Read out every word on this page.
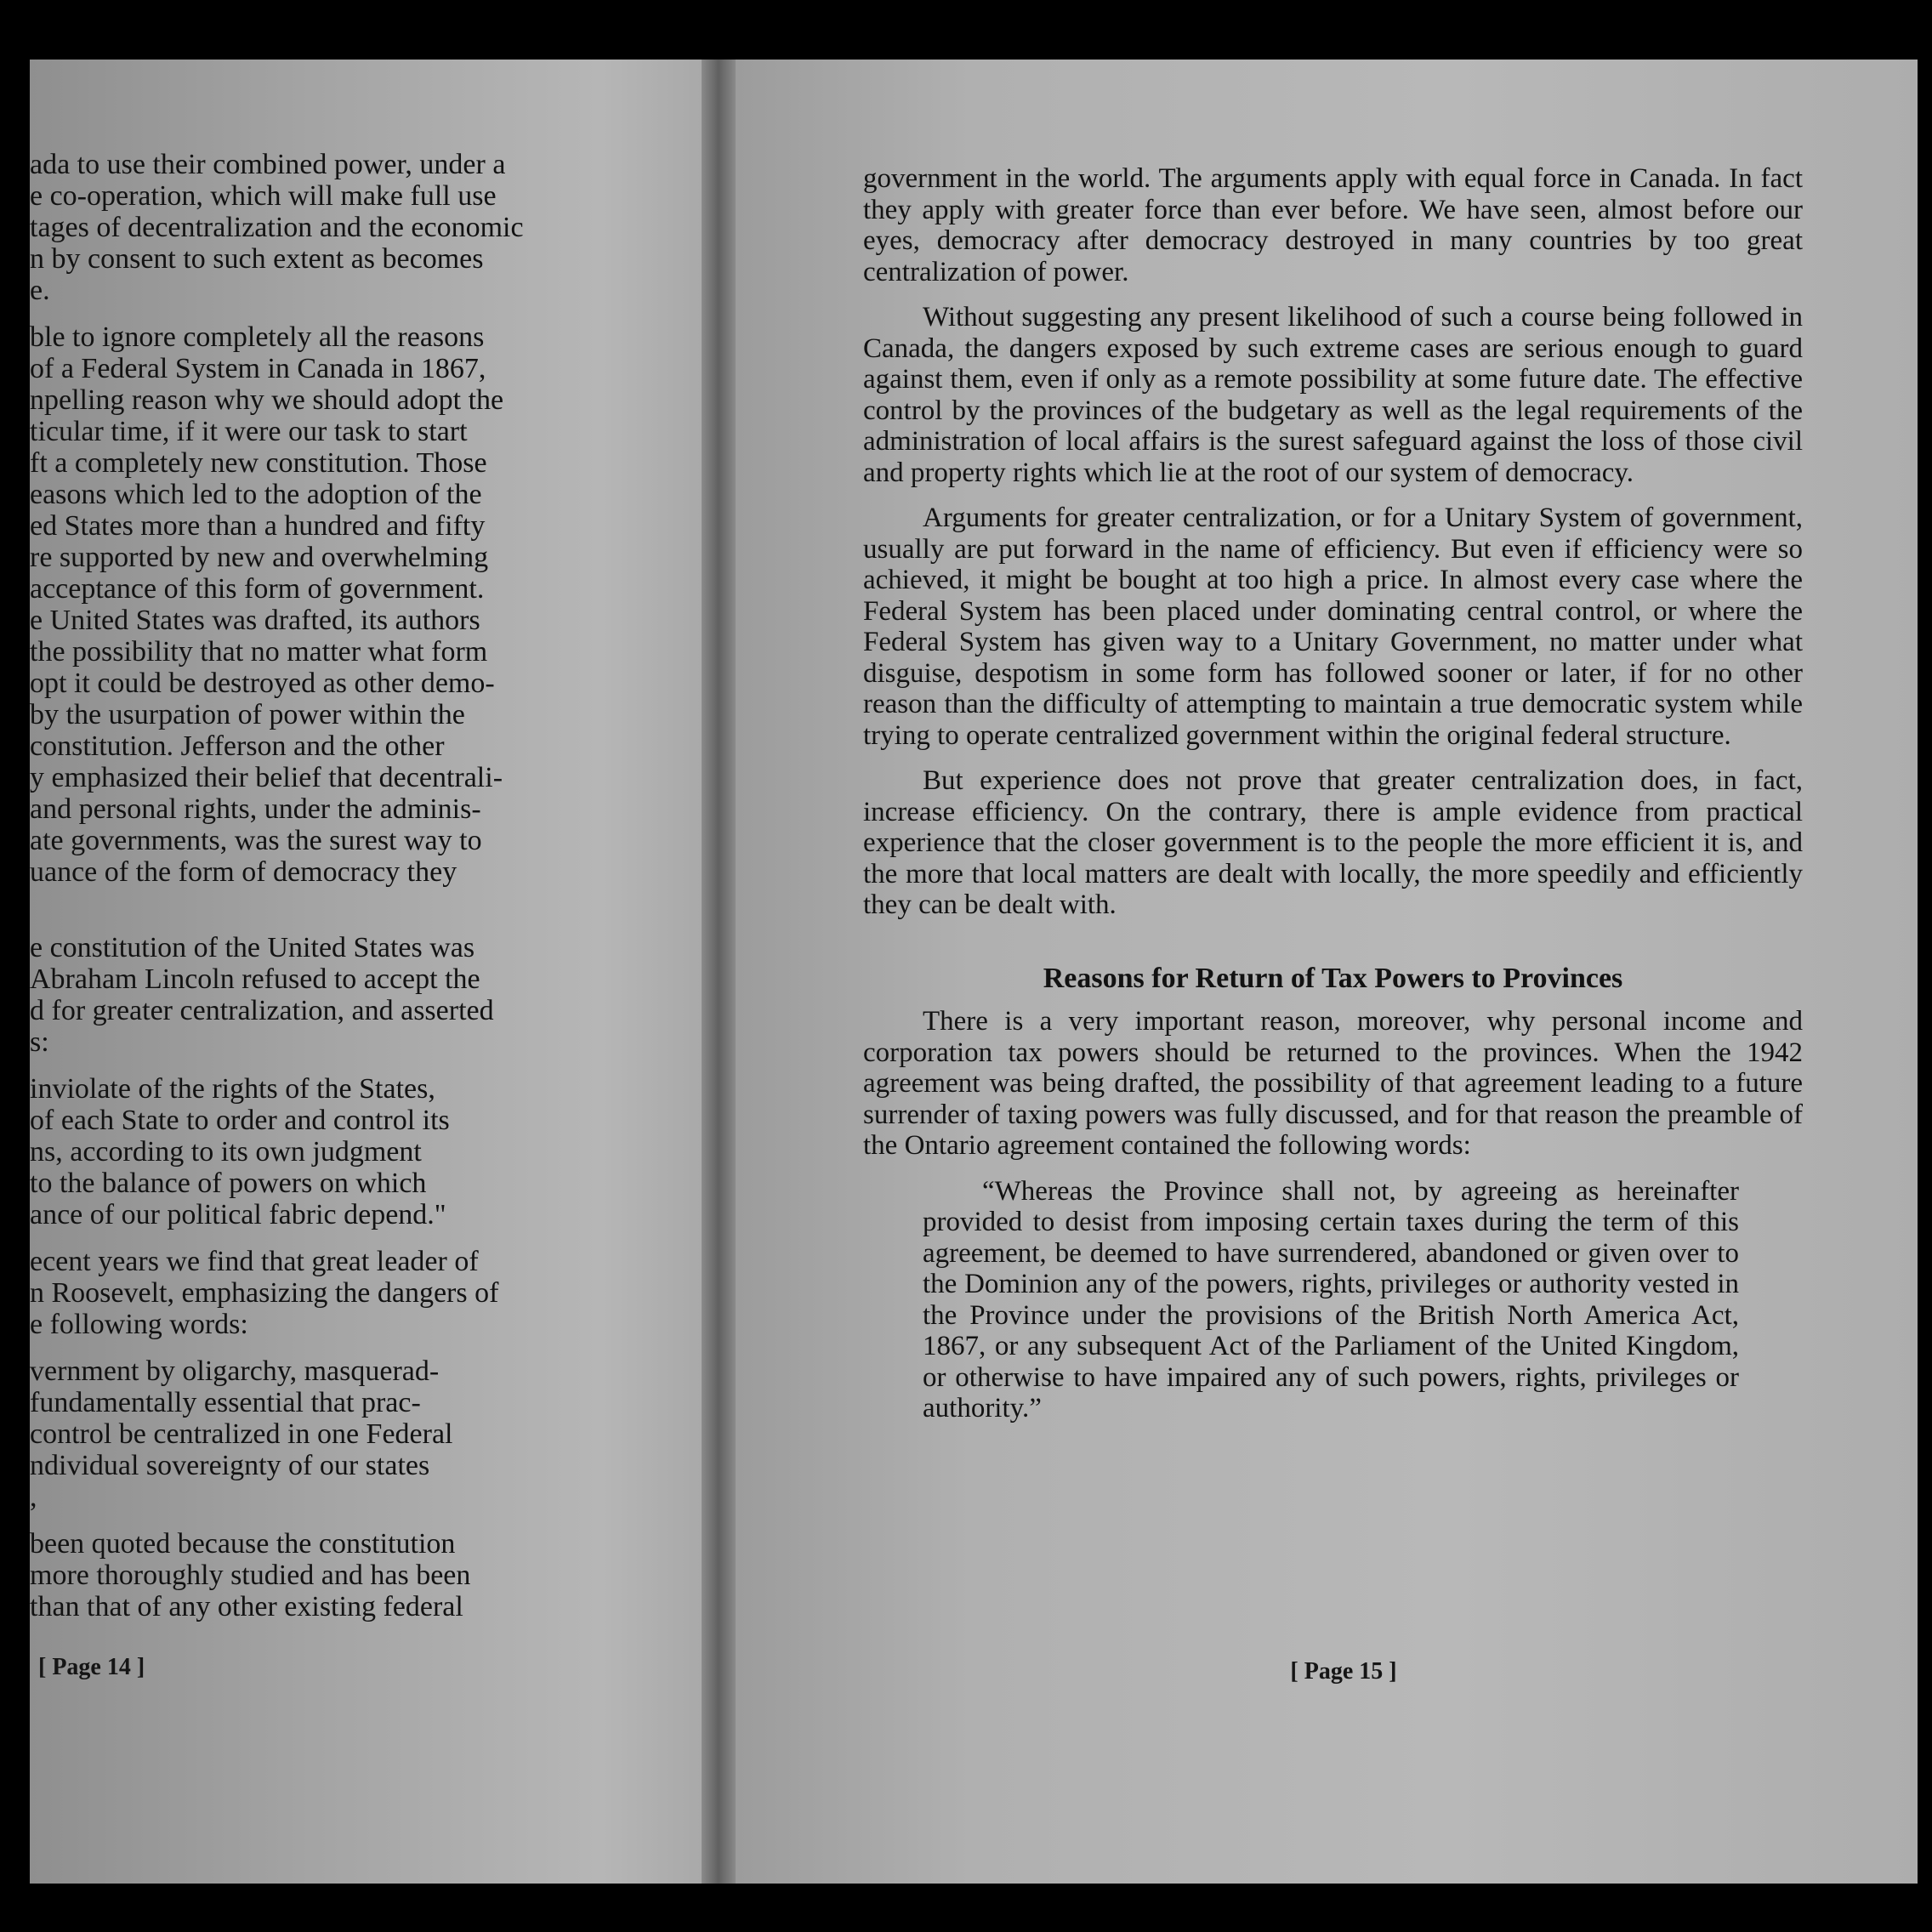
ada to use their combined power, under a
e co-operation, which will make full use
tages of decentralization and the economic
n by consent to such extent as becomes
e.
ble to ignore completely all the reasons
of a Federal System in Canada in 1867,
npelling reason why we should adopt the
ticular time, if it were our task to start
ft a completely new constitution. Those
easons which led to the adoption of the
ed States more than a hundred and fifty
re supported by new and overwhelming
acceptance of this form of government.
e United States was drafted, its authors
the possibility that no matter what form
opt it could be destroyed as other demo-
by the usurpation of power within the
constitution. Jefferson and the other
y emphasized their belief that decentrali-
and personal rights, under the adminis-
ate governments, was the surest way to
uance of the form of democracy they
e constitution of the United States was
Abraham Lincoln refused to accept the
d for greater centralization, and asserted
s:
inviolate of the rights of the States,
of each State to order and control its
ns, according to its own judgment
to the balance of powers on which
ance of our political fabric depend."
ecent years we find that great leader of
n Roosevelt, emphasizing the dangers of
e following words:
vernment by oligarchy, masquerad-
fundamentally essential that prac-
control be centralized in one Federal
ndividual sovereignty of our states
,
been quoted because the constitution
more thoroughly studied and has been
than that of any other existing federal
[ Page 14 ]

government in the world. The arguments apply with equal force in Canada. In fact they apply with greater force than ever before. We have seen, almost before our eyes, democracy after democracy destroyed in many countries by too great centralization of power.

Without suggesting any present likelihood of such a course being followed in Canada, the dangers exposed by such extreme cases are serious enough to guard against them, even if only as a remote possibility at some future date. The effective control by the provinces of the budgetary as well as the legal requirements of the administration of local affairs is the surest safeguard against the loss of those civil and property rights which lie at the root of our system of democracy.

Arguments for greater centralization, or for a Unitary System of government, usually are put forward in the name of efficiency. But even if efficiency were so achieved, it might be bought at too high a price. In almost every case where the Federal System has been placed under dominating central control, or where the Federal System has given way to a Unitary Government, no matter under what disguise, despotism in some form has followed sooner or later, if for no other reason than the difficulty of attempting to maintain a true democratic system while trying to operate centralized government within the original federal structure.

But experience does not prove that greater centralization does, in fact, increase efficiency. On the contrary, there is ample evidence from practical experience that the closer government is to the people the more efficient it is, and the more that local matters are dealt with locally, the more speedily and efficiently they can be dealt with.

Reasons for Return of Tax Powers to Provinces

There is a very important reason, moreover, why personal income and corporation tax powers should be returned to the provinces. When the 1942 agreement was being drafted, the possibility of that agreement leading to a future surrender of taxing powers was fully discussed, and for that reason the preamble of the Ontario agreement contained the following words:

“Whereas the Province shall not, by agreeing as hereinafter provided to desist from imposing certain taxes during the term of this agreement, be deemed to have surrendered, abandoned or given over to the Dominion any of the powers, rights, privileges or authority vested in the Province under the provisions of the British North America Act, 1867, or any subsequent Act of the Parliament of the United Kingdom, or otherwise to have impaired any of such powers, rights, privileges or authority.”
[ Page 15 ]
